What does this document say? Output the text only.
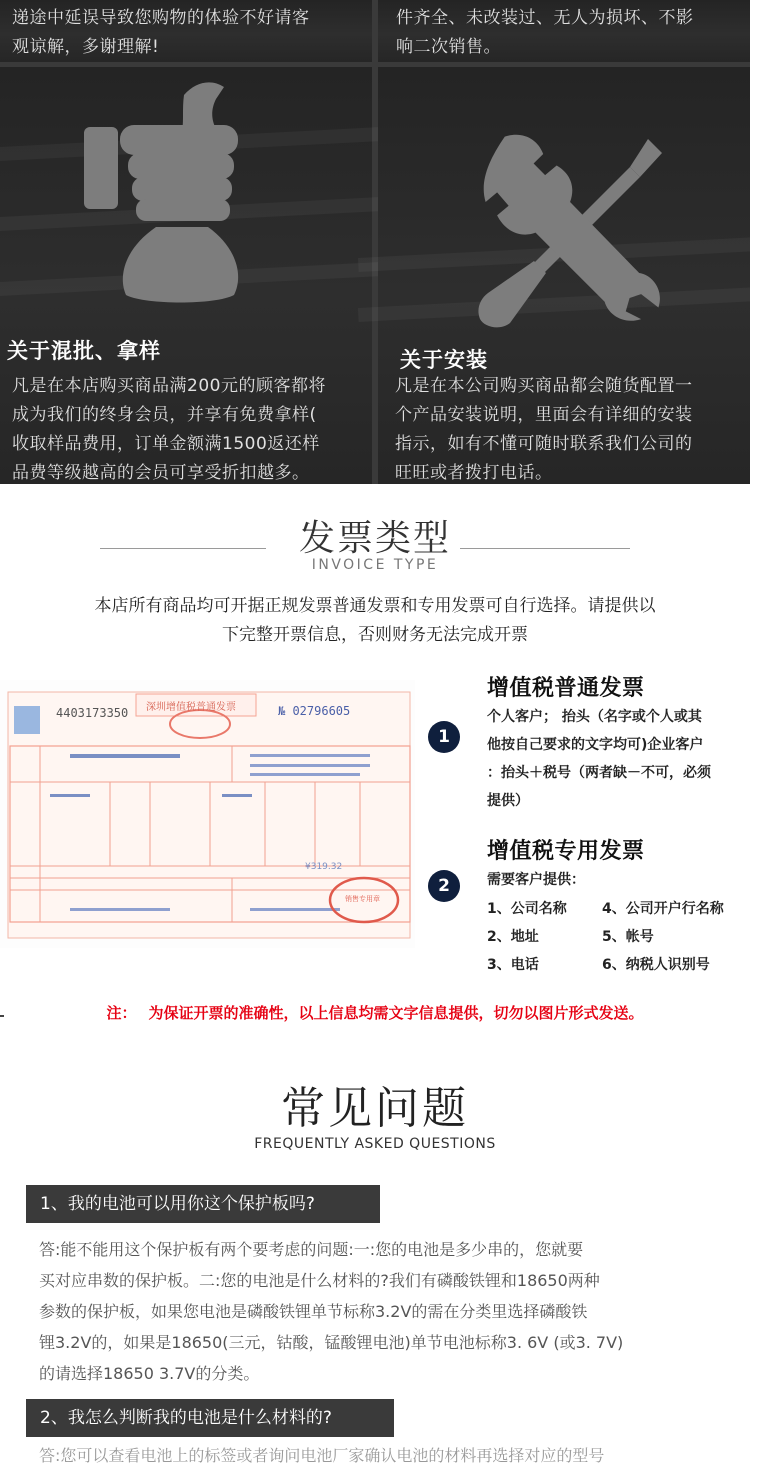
递途中延误导致您购物的体验不好请客
观谅解，多谢理解!
件齐全、未改装过、无人为损坏、不影
响二次销售。
关于混批、拿样
凡是在本店购买商品满200元的顾客都将
成为我们的终身会员，并享有免费拿样(
收取样品费用，订单金额满1500返还样
品费等级越高的会员可享受折扣越多。
关于安装
凡是在本公司购买商品都会随货配置一
个产品安装说明，里面会有详细的安装
指示，如有不懂可随时联系我们公司的
旺旺或者拨打电话。
发票类型
INVOICE TYPE
本店所有商品均可开据正规发票普通发票和专用发票可自行选择。请提供以
下完整开票信息，否则财务无法完成开票
4403173350 深圳增值税普通发票	№ 02796605
¥319.32
销售专用章
1
增值税普通发票
个人客户； 抬头（名字或个人或其
他按自己要求的文字均可)企业客户
：抬头＋税号（两者缺－不可，必须
提供）
2
增值税专用发票
需要客户提供：
1、公司名称	4、公司开户行名称
2、地址	5、帐号
3、电话	6、纳税人识别号
注： 为保证开票的准确性，以上信息均需文字信息提供，切勿以图片形式发送。
常见问题
FREQUENTLY ASKED QUESTIONS
1、我的电池可以用你这个保护板吗?
答:能不能用这个保护板有两个要考虑的问题:一:您的电池是多少串的，您就要
买对应串数的保护板。二:您的电池是什么材料的?我们有磷酸铁锂和18650两种
参数的保护板，如果您电池是磷酸铁锂单节标称3.2V的需在分类里选择磷酸铁
锂3.2V的，如果是18650(三元，钴酸，锰酸锂电池)单节电池标称3. 6V (或3. 7V)
的请选择18650 3.7V的分类。
2、我怎么判断我的电池是什么材料的?
答:您可以查看电池上的标签或者询问电池厂家确认电池的材料再选择对应的型号
